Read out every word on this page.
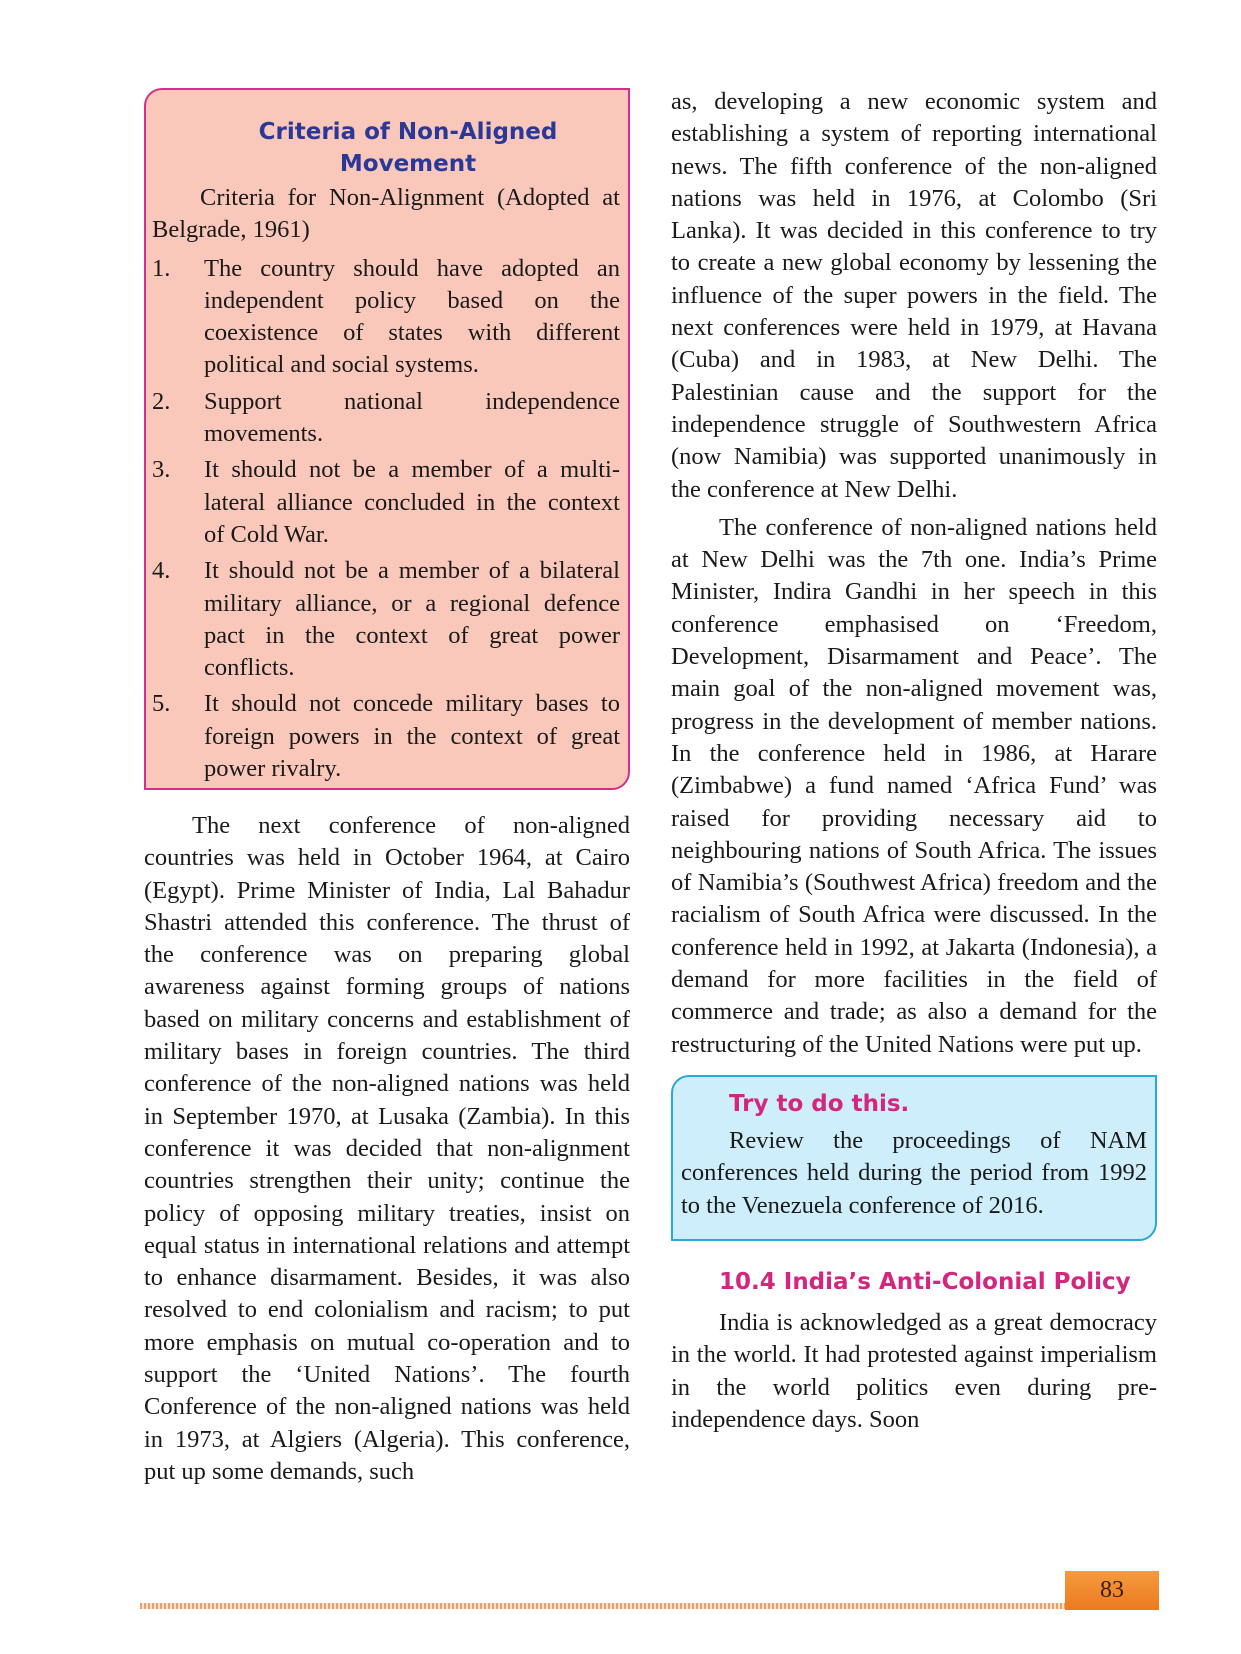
Criteria of Non-Aligned Movement

Criteria for Non-Alignment (Adopted at Belgrade, 1961)

1.	The country should have adopted an independent policy based on the coexistence of states with different political and social systems.

2.	Support national independence movements.

3.	It should not be a member of a multi-lateral alliance concluded in the context of Cold War.

4.	It should not be a member of a bilateral military alliance, or a regional defence pact in the context of great power conflicts.

5.	It should not concede military bases to foreign powers in the context of great power rivalry.

The next conference of non-aligned countries was held in October 1964, at Cairo (Egypt). Prime Minister of India, Lal Bahadur Shastri attended this conference. The thrust of the conference was on preparing global awareness against forming groups of nations based on military concerns and establishment of military bases in foreign countries. The third conference of the non-aligned nations was held in September 1970, at Lusaka (Zambia). In this conference it was decided that non-alignment countries strengthen their unity; continue the policy of opposing military treaties, insist on equal status in international relations and attempt to enhance disarmament. Besides, it was also resolved to end colonialism and racism; to put more emphasis on mutual co-operation and to support the ‘United Nations’. The fourth Conference of the non-aligned nations was held in 1973, at Algiers (Algeria). This conference, put up some demands, such

as, developing a new economic system and establishing a system of reporting international news. The fifth conference of the non-aligned nations was held in 1976, at Colombo (Sri Lanka). It was decided in this conference to try to create a new global economy by lessening the influence of the super powers in the field. The next conferences were held in 1979, at Havana (Cuba) and in 1983, at New Delhi. The Palestinian cause and the support for the independence struggle of Southwestern Africa (now Namibia) was supported unanimously in the conference at New Delhi.

The conference of non-aligned nations held at New Delhi was the 7th one. India’s Prime Minister, Indira Gandhi in her speech in this conference emphasised on ‘Freedom, Development, Disarmament and Peace’. The main goal of the non-aligned movement was, progress in the development of member nations. In the conference held in 1986, at Harare (Zimbabwe) a fund named ‘Africa Fund’ was raised for providing necessary aid to neighbouring nations of South Africa. The issues of Namibia’s (Southwest Africa) freedom and the racialism of South Africa were discussed. In the conference held in 1992, at Jakarta (Indonesia), a demand for more facilities in the field of commerce and trade; as also a demand for the restructuring of the United Nations were put up.

Try to do this.

Review the proceedings of NAM conferences held during the period from 1992 to the Venezuela conference of 2016.

10.4 India’s Anti-Colonial Policy

India is acknowledged as a great democracy in the world. It had protested against imperialism in the world politics even during pre-independence days. Soon

83
